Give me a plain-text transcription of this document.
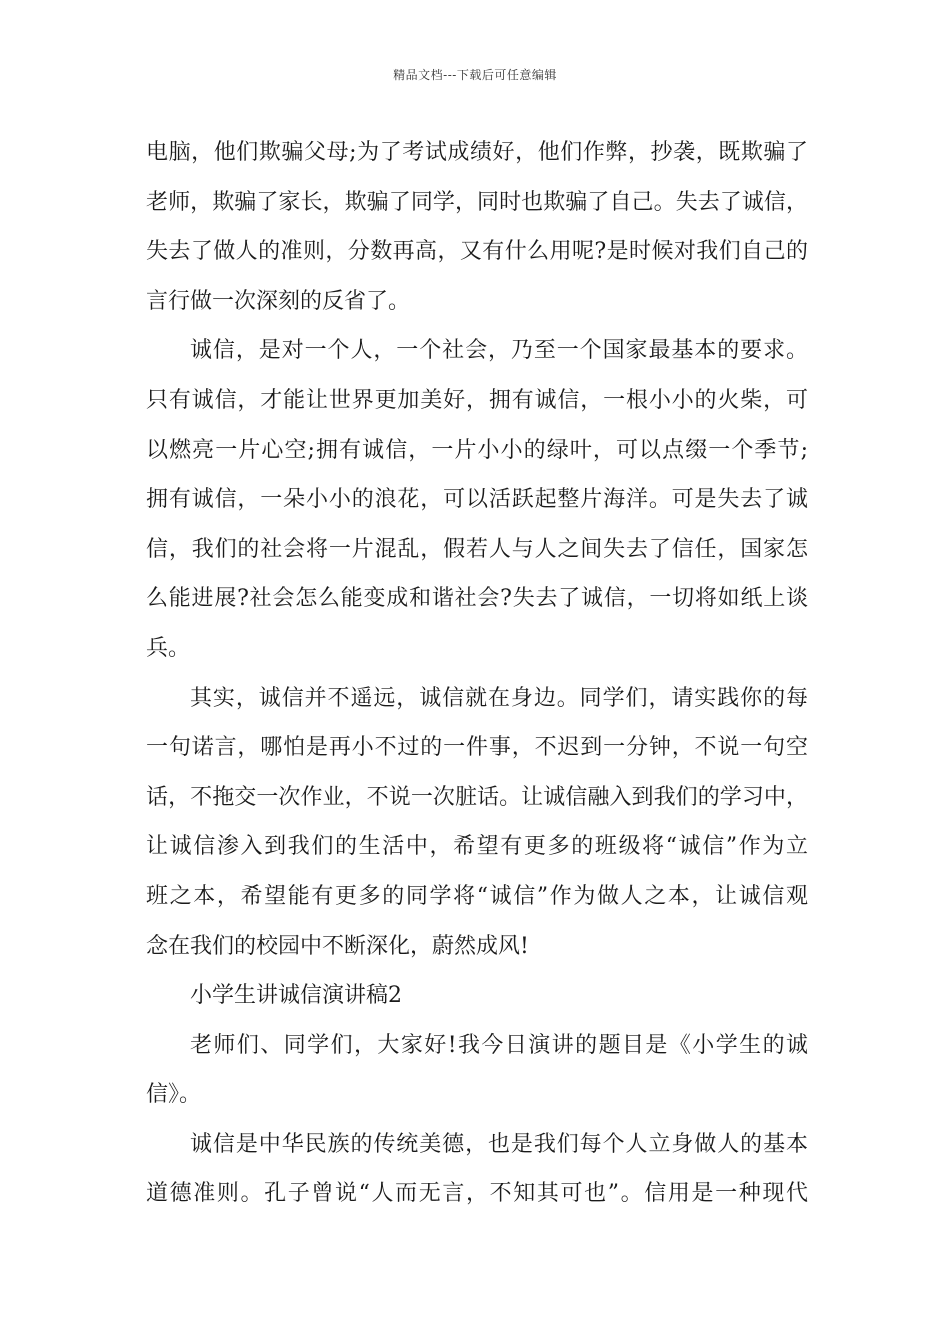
精品文档---下载后可任意编辑
电脑，他们欺骗父母;为了考试成绩好，他们作弊，抄袭，既欺骗了
老师，欺骗了家长，欺骗了同学，同时也欺骗了自己。失去了诚信，
失去了做人的准则，分数再高，又有什么用呢?是时候对我们自己的
言行做一次深刻的反省了。
诚信，是对一个人，一个社会，乃至一个国家最基本的要求。
只有诚信，才能让世界更加美好，拥有诚信，一根小小的火柴，可
以燃亮一片心空;拥有诚信，一片小小的绿叶，可以点缀一个季节;
拥有诚信，一朵小小的浪花，可以活跃起整片海洋。可是失去了诚
信，我们的社会将一片混乱，假若人与人之间失去了信任，国家怎
么能进展?社会怎么能变成和谐社会?失去了诚信，一切将如纸上谈
兵。
其实，诚信并不遥远，诚信就在身边。同学们，请实践你的每
一句诺言，哪怕是再小不过的一件事，不迟到一分钟，不说一句空
话，不拖交一次作业，不说一次脏话。让诚信融入到我们的学习中，
让诚信渗入到我们的生活中，希望有更多的班级将“诚信”作为立
班之本，希望能有更多的同学将“诚信”作为做人之本，让诚信观
念在我们的校园中不断深化，蔚然成风!
小学生讲诚信演讲稿2
老师们、同学们，大家好!我今日演讲的题目是《小学生的诚
信》。
诚信是中华民族的传统美德，也是我们每个人立身做人的基本
道德准则。孔子曾说“人而无言，不知其可也”。信用是一种现代
